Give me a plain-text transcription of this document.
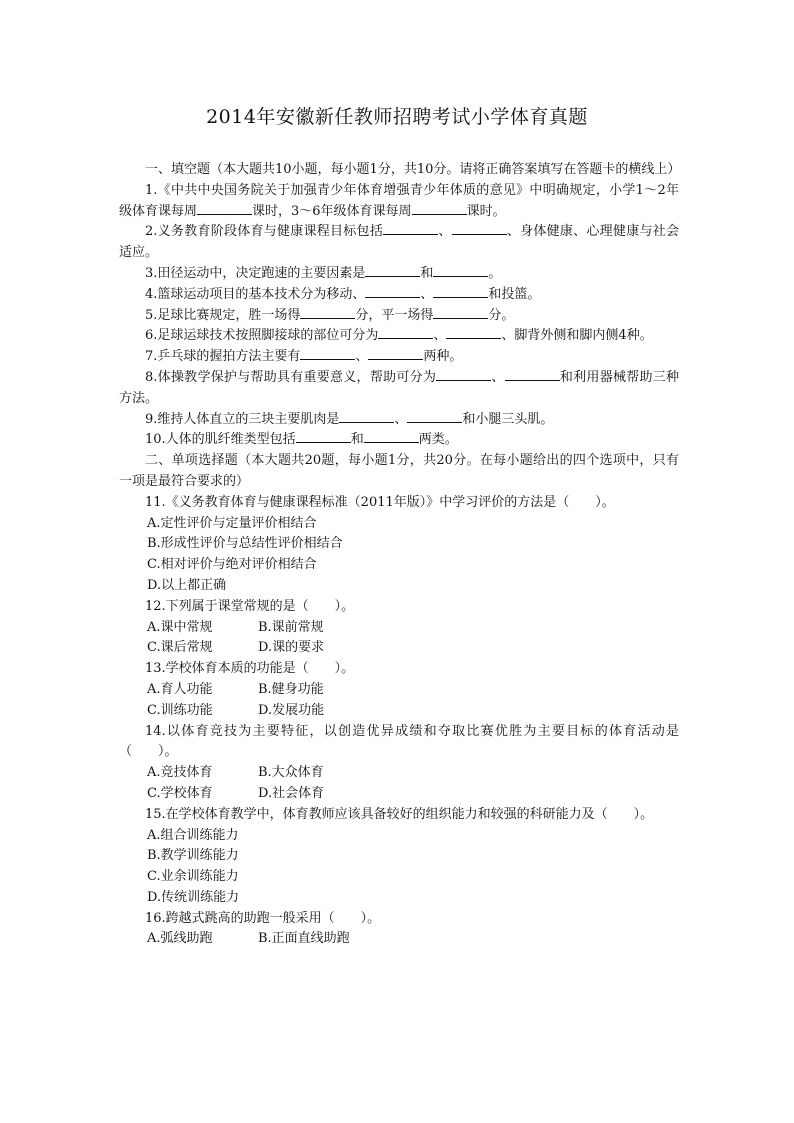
2014年安徽新任教师招聘考试小学体育真题

一、填空题（本大题共10小题，每小题1分，共10分。请将正确答案填写在答题卡的横线上）

1.《中共中央国务院关于加强青少年体育增强青少年体质的意见》中明确规定，小学1～2年级体育课每周	课时，3～6年级体育课每周	课时。

2.义务教育阶段体育与健康课程目标包括	、	、身体健康、心理健康与社会适应。

3.田径运动中，决定跑速的主要因素是	和	。

4.篮球运动项目的基本技术分为移动、	、	和投篮。

5.足球比赛规定，胜一场得	分，平一场得	分。

6.足球运球技术按照脚接球的部位可分为	、	、脚背外侧和脚内侧4种。

7.乒乓球的握拍方法主要有	、	两种。

8.体操教学保护与帮助具有重要意义，帮助可分为	、	和利用器械帮助三种方法。

9.维持人体直立的三块主要肌肉是	、	和小腿三头肌。

10.人体的肌纤维类型包括	和	两类。

二、单项选择题（本大题共20题，每小题1分，共20分。在每小题给出的四个选项中，只有一项是最符合要求的）

11.《义务教育体育与健康课程标准（2011年版）》中学习评价的方法是（　　）。

A.定性评价与定量评价相结合

B.形成性评价与总结性评价相结合

C.相对评价与绝对评价相结合

D.以上都正确

12.下列属于课堂常规的是（　　）。

A.课中常规	B.课前常规

C.课后常规	D.课的要求

13.学校体育本质的功能是（　　）。

A.育人功能	B.健身功能

C.训练功能	D.发展功能

14.以体育竞技为主要特征，以创造优异成绩和夺取比赛优胜为主要目标的体育活动是（　　）。

A.竞技体育	B.大众体育

C.学校体育	D.社会体育

15.在学校体育教学中，体育教师应该具备较好的组织能力和较强的科研能力及（　　）。

A.组合训练能力

B.教学训练能力

C.业余训练能力

D.传统训练能力

16.跨越式跳高的助跑一般采用（　　）。

A.弧线助跑	B.正面直线助跑
